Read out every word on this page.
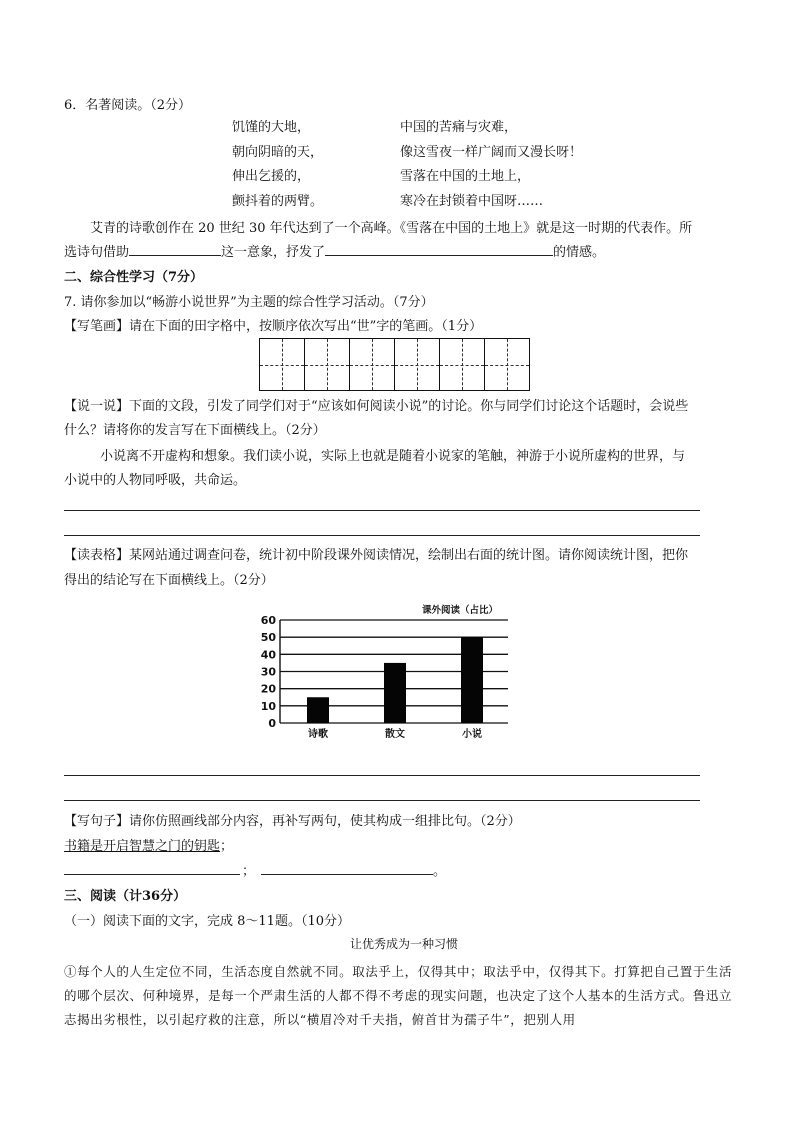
6．名著阅读。（2分）
饥馑的大地，	中国的苦痛与灾难，
朝向阴暗的天，	像这雪夜一样广阔而又漫长呀！
伸出乞援的，	雪落在中国的土地上，
颤抖着的两臂。	寒冷在封锁着中国呀……
艾青的诗歌创作在 20 世纪 30 年代达到了一个高峰。《雪落在中国的土地上》就是这一时期的代表作。所
选诗句借助	这一意象，抒发了	的情感。
二、综合性学习（7分）
7. 请你参加以“畅游小说世界”为主题的综合性学习活动。（7分）
【写笔画】请在下面的田字格中，按顺序依次写出“世”字的笔画。（1分）
【说一说】下面的文段，引发了同学们对于“应该如何阅读小说”的讨论。你与同学们讨论这个话题时，会说些
什么？请将你的发言写在下面横线上。（2分）
小说离不开虚构和想象。我们读小说，实际上也就是随着小说家的笔触，神游于小说所虚构的世界，与
小说中的人物同呼吸，共命运。
【读表格】某网站通过调查问卷，统计初中阶段课外阅读情况，绘制出右面的统计图。请你阅读统计图，把你
得出的结论写在下面横线上。（2分）
课外阅读（占比）
0
10
20
30
40
50
60
诗歌	散文	小说
【写句子】请你仿照画线部分内容，再补写两句，使其构成一组排比句。（2分）
书籍是开启智慧之门的钥匙；
；	。
三、阅读（计36分）
（一）阅读下面的文字，完成 8～11题。（10分）
让优秀成为一种习惯
①每个人的人生定位不同，生活态度自然就不同。取法乎上，仅得其中；取法乎中，仅得其下。打算把自己置于生活的哪个层次、何种境界，是每一个严肃生活的人都不得不考虑的现实问题，也决定了这个人基本的生活方式。鲁迅立志揭出劣根性，以引起疗救的注意，所以“横眉冷对千夫指，俯首甘为孺子牛”，把别人用
